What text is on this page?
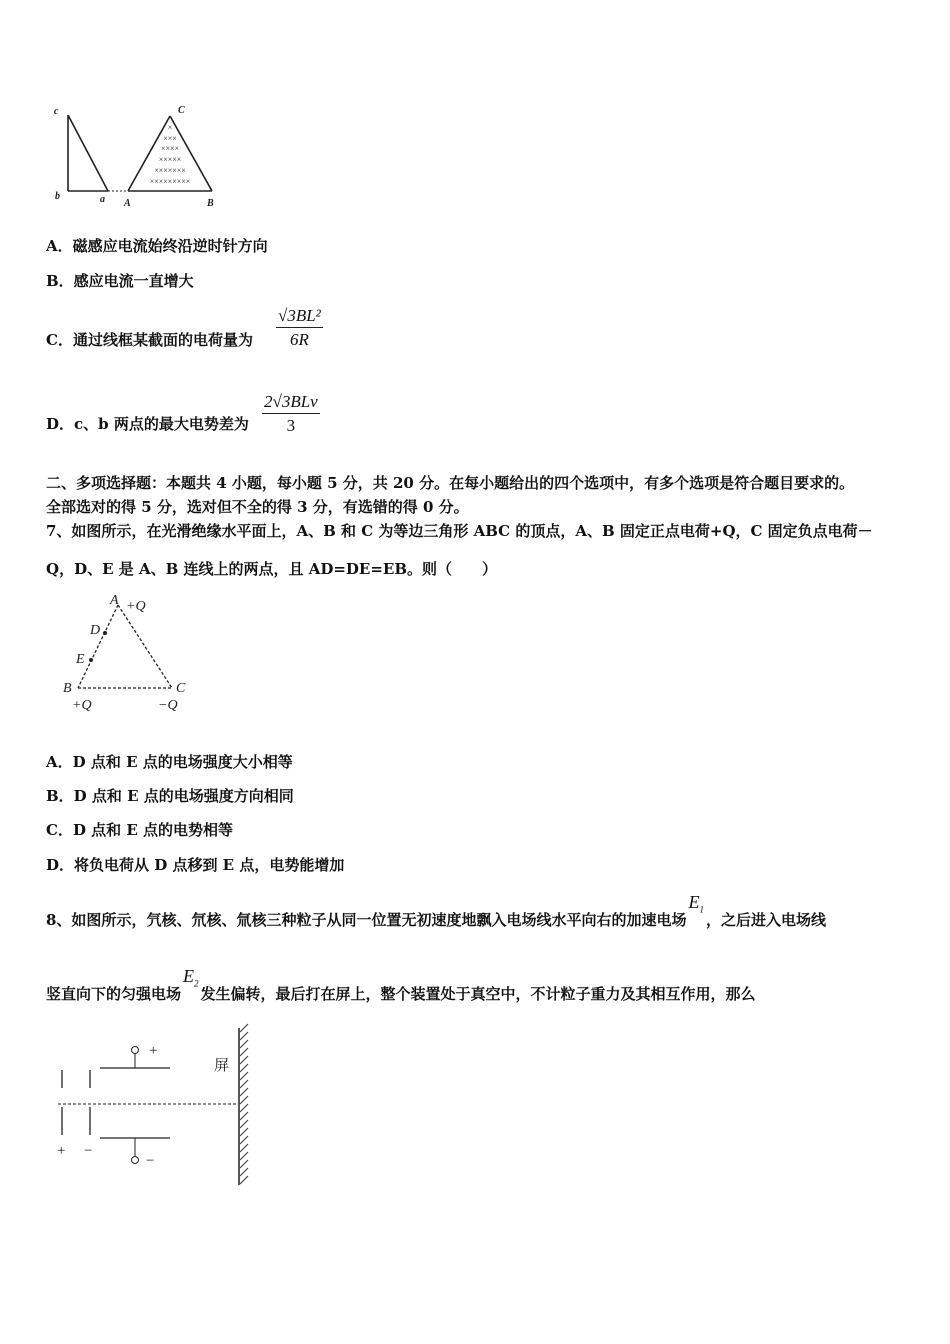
×
×××
××××
×××××
×××××××
×××××××××
c	C
b	a A	B
A．磁感应电流始终沿逆时针方向
B．感应电流一直增大
C．通过线框某截面的电荷量为 $\frac{\text{√3BL²}}{6R}$
D．c、b 两点的最大电势差为
2√3BLv
3
二、多项选择题：本题共 4 小题，每小题 5 分，共 20 分。在每小题给出的四个选项中，有多个选项是符合题目要求的。
全部选对的得 5 分，选对但不全的得 3 分，有选错的得 0 分。
7、如图所示，在光滑绝缘水平面上，A、B 和 C 为等边三角形 ABC 的顶点，A、B 固定正点电荷+Q，C 固定负点电荷－
Q，D、E 是 A、B 连线上的两点，且 AD=DE=EB。则（　　）
A +Q
D
E
B	C
+Q	−Q
A．D 点和 E 点的电场强度大小相等
B．D 点和 E 点的电场强度方向相同
C．D 点和 E 点的电势相等
D．将负电荷从 D 点移到 E 点，电势能增加
8、如图所示，氕核、氘核、氚核三种粒子从同一位置无初速度地飘入电场线水平向右的加速电场
$E_1$
，之后进入电场线
竖直向下的匀强电场
$E_2$
发生偏转，最后打在屏上，整个装置处于真空中，不计粒子重力及其相互作用，那么
+
−
+ −
屏
